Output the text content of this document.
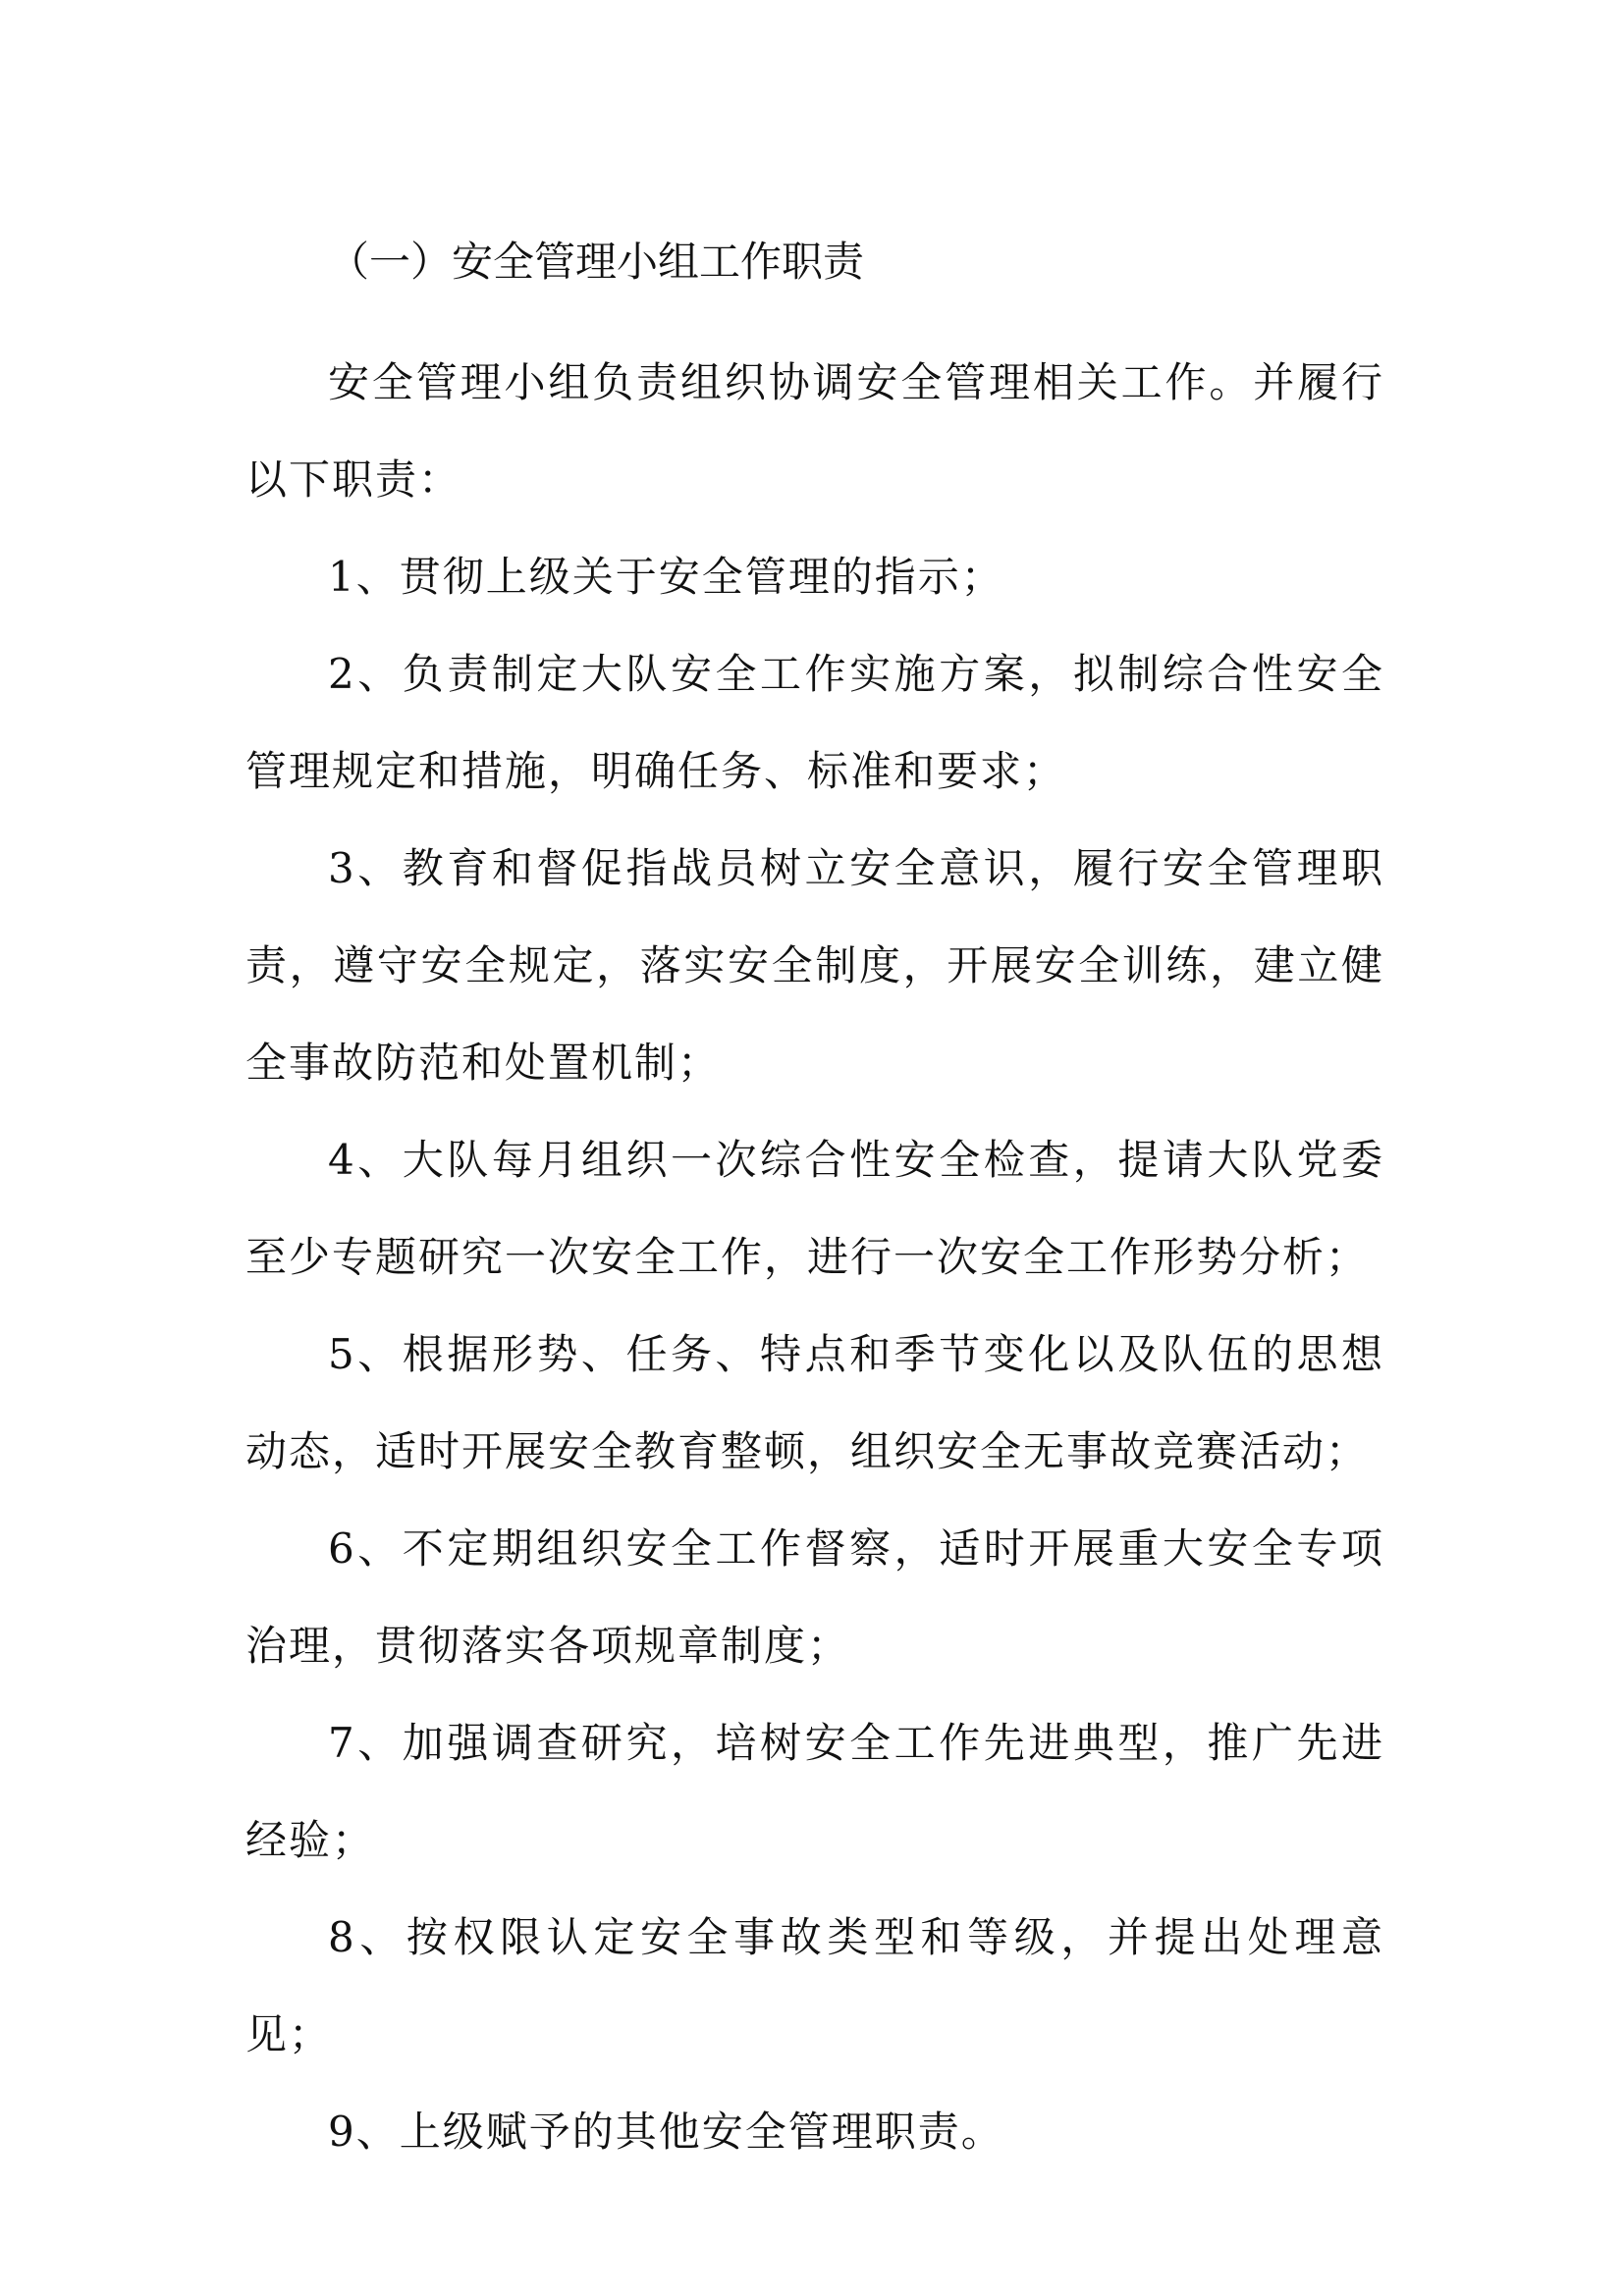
（一）安全管理小组工作职责

安全管理小组负责组织协调安全管理相关工作。并履行以下职责：

1、贯彻上级关于安全管理的指示；

2、负责制定大队安全工作实施方案，拟制综合性安全管理规定和措施，明确任务、标准和要求；

3、教育和督促指战员树立安全意识，履行安全管理职责，遵守安全规定，落实安全制度，开展安全训练，建立健全事故防范和处置机制；

4、大队每月组织一次综合性安全检查，提请大队党委至少专题研究一次安全工作，进行一次安全工作形势分析；

5、根据形势、任务、特点和季节变化以及队伍的思想动态，适时开展安全教育整顿，组织安全无事故竞赛活动；

6、不定期组织安全工作督察，适时开展重大安全专项治理，贯彻落实各项规章制度；

7、加强调查研究，培树安全工作先进典型，推广先进经验；

8、按权限认定安全事故类型和等级，并提出处理意见；

9、上级赋予的其他安全管理职责。
